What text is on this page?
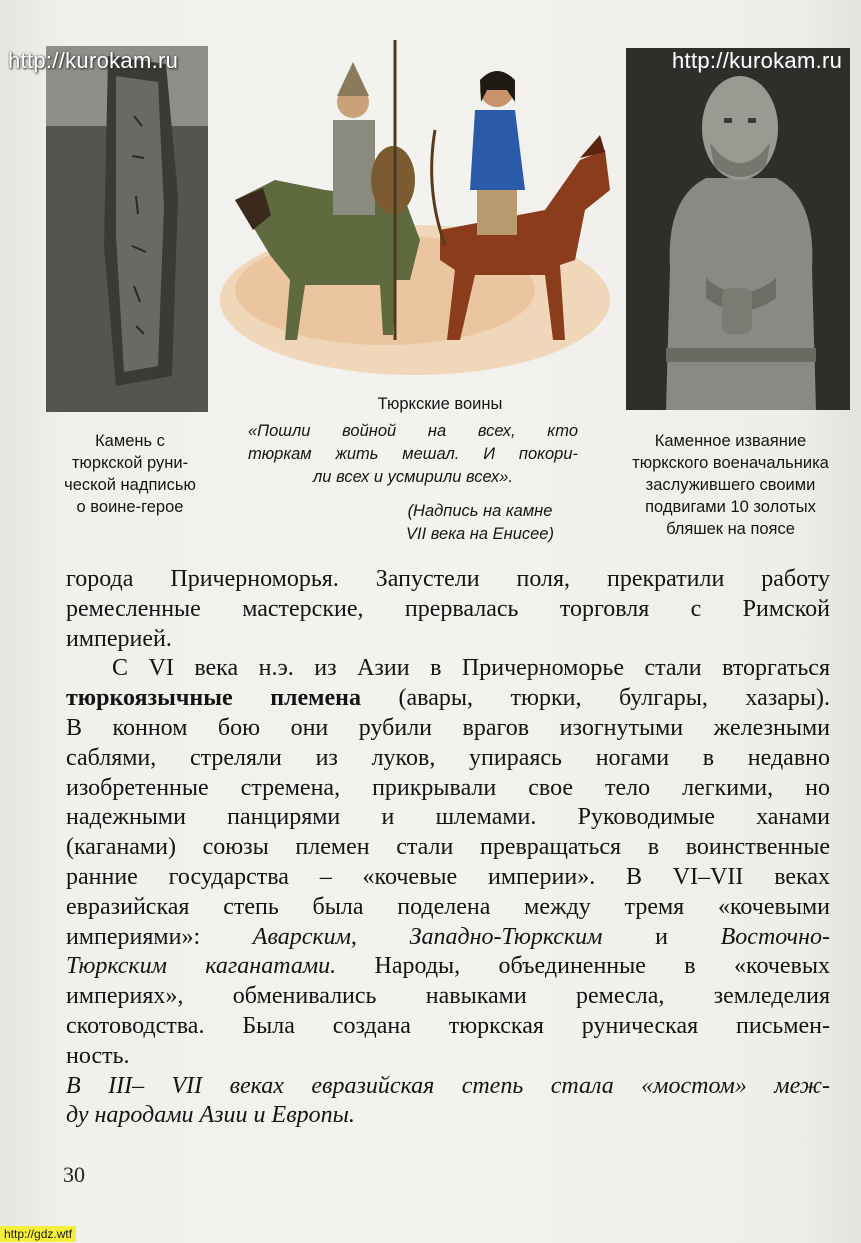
http://kurokam.ru	http://kurokam.ru
Камень с
тюркской руни-
ческой надписью
о воине-герое
Тюркские воины
«Пошли войной на всех, кто
тюркам жить мешал. И покори-
ли всех и усмирили всех».
(Надпись на камне
VII века на Енисее)
Каменное изваяние
тюркского военачальника
заслужившего своими
подвигами 10 золотых
бляшек на поясе
города Причерноморья. Запустели поля, прекратили работу
ремесленные мастерские, прервалась торговля с Римской
империей.
С VI века н.э. из Азии в Причерноморье стали вторгаться
тюркоязычные племена (авары, тюрки, булгары, хазары).
В конном бою они рубили врагов изогнутыми железными
саблями, стреляли из луков, упираясь ногами в недавно
изобретенные стремена, прикрывали свое тело легкими, но
надежными панцирями и шлемами. Руководимые ханами
(каганами) союзы племен стали превращаться в воинственные
ранние государства – «кочевые империи». В VI–VII веках
евразийская степь была поделена между тремя «кочевыми
империями»: Аварским, Западно-Тюркским и Восточно-
Тюркским каганатами. Народы, объединенные в «кочевых
империях», обменивались навыками ремесла, земледелия
скотоводства. Была создана тюркская руническая письмен-
ность.
В III– VII веках евразийская степь стала «мостом» меж-
ду народами Азии и Европы.
30
http://gdz.wtf
